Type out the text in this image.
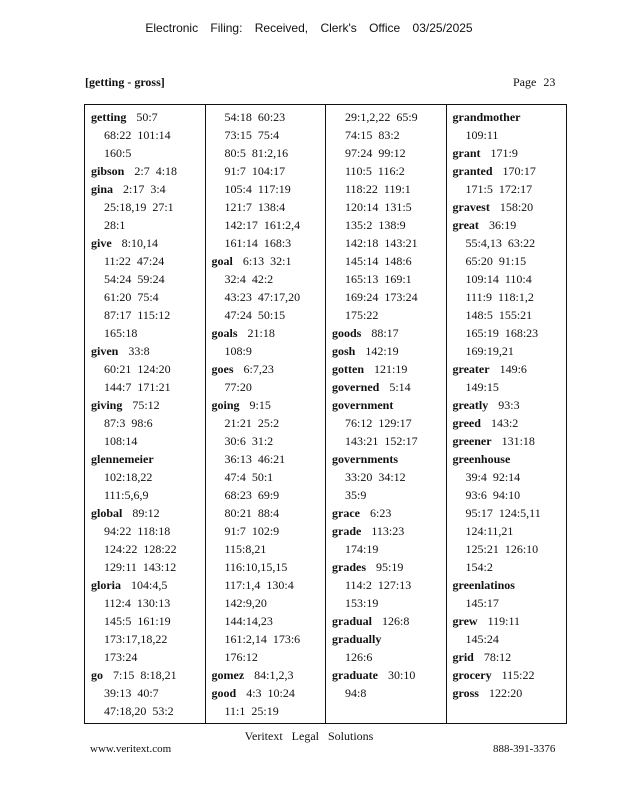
Electronic Filing: Received, Clerk's Office 03/25/2025
[getting - gross]	Page 23
getting 50:7
68:22  101:14
160:5
gibson 2:7  4:18
gina 2:17  3:4
25:18,19  27:1
28:1
give 8:10,14
11:22  47:24
54:24  59:24
61:20  75:4
87:17  115:12
165:18
given 33:8
60:21  124:20
144:7  171:21
giving 75:12
87:3  98:6
108:14
glennemeier
102:18,22
111:5,6,9
global 89:12
94:22  118:18
124:22  128:22
129:11  143:12
gloria 104:4,5
112:4  130:13
145:5  161:19
173:17,18,22
173:24
go 7:15  8:18,21
39:13  40:7
47:18,20  53:2
54:18  60:23
73:15  75:4
80:5  81:2,16
91:7  104:17
105:4  117:19
121:7  138:4
142:17  161:2,4
161:14  168:3
goal 6:13  32:1
32:4  42:2
43:23  47:17,20
47:24  50:15
goals 21:18
108:9
goes 6:7,23
77:20
going 9:15
21:21  25:2
30:6  31:2
36:13  46:21
47:4  50:1
68:23  69:9
80:21  88:4
91:7  102:9
115:8,21
116:10,15,15
117:1,4  130:4
142:9,20
144:14,23
161:2,14  173:6
176:12
gomez 84:1,2,3
good 4:3  10:24
11:1  25:19
29:1,2,22  65:9
74:15  83:2
97:24  99:12
110:5  116:2
118:22  119:1
120:14  131:5
135:2  138:9
142:18  143:21
145:14  148:6
165:13  169:1
169:24  173:24
175:22
goods 88:17
gosh 142:19
gotten 121:19
governed 5:14
government
76:12  129:17
143:21  152:17
governments
33:20  34:12
35:9
grace 6:23
grade 113:23
174:19
grades 95:19
114:2  127:13
153:19
gradual 126:8
gradually
126:6
graduate 30:10
94:8
grandmother
109:11
grant 171:9
granted 170:17
171:5  172:17
gravest 158:20
great 36:19
55:4,13  63:22
65:20  91:15
109:14  110:4
111:9  118:1,2
148:5  155:21
165:19  168:23
169:19,21
greater 149:6
149:15
greatly 93:3
greed 143:2
greener 131:18
greenhouse
39:4  92:14
93:6  94:10
95:17  124:5,11
124:11,21
125:21  126:10
154:2
greenlatinos
145:17
grew 119:11
145:24
grid 78:12
grocery 115:22
gross 122:20
Veritext Legal Solutions
www.veritext.com	888-391-3376
